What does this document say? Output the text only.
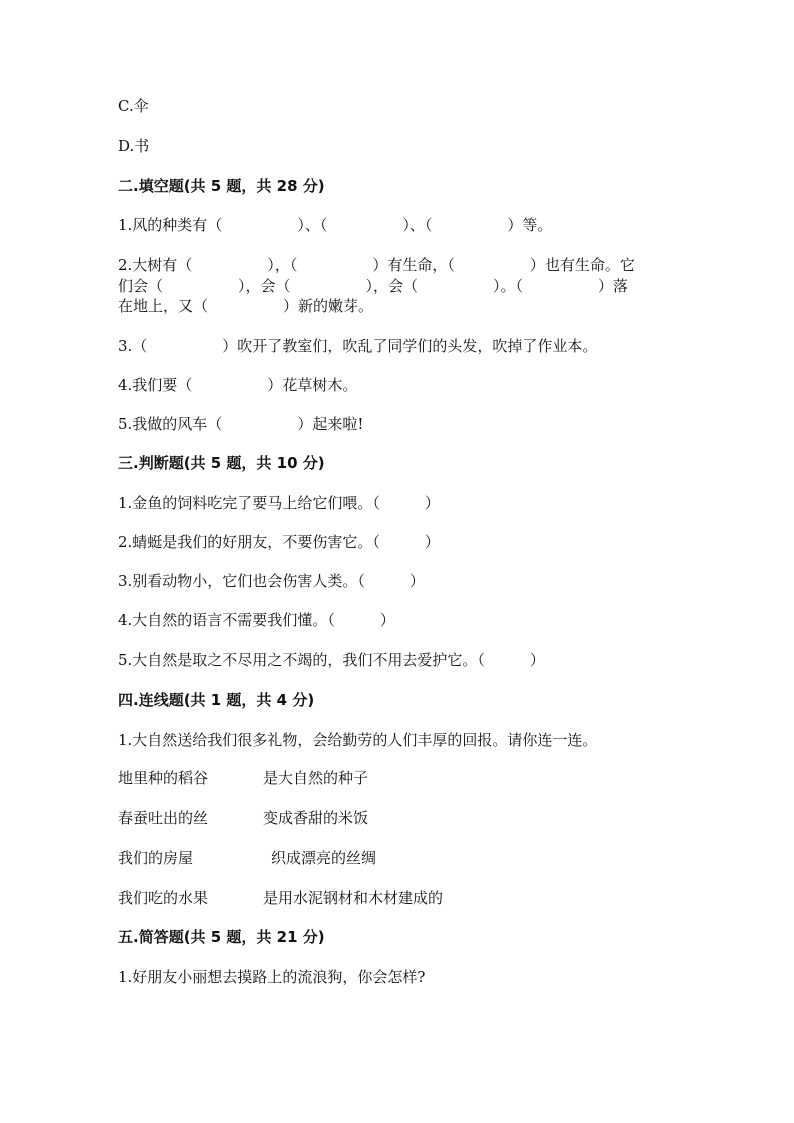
C.伞
D.书
二.填空题(共 5 题，共 28 分)
1.风的种类有（　　　　　）、（　　　　　）、（　　　　　）等。
2.大树有（　　　　　），（　　　　　）有生命，（　　　　　）也有生命。它
们会（　　　　　），会（　　　　　），会（　　　　　）。（　　　　　）落
在地上，又（　　　　　）新的嫩芽。
3.（　　　　　）吹开了教室们，吹乱了同学们的头发，吹掉了作业本。
4.我们要（　　　　　）花草树木。
5.我做的风车（　　　　　）起来啦!
三.判断题(共 5 题，共 10 分)
1.金鱼的饲料吃完了要马上给它们喂。（　　　）
2.蜻蜓是我们的好朋友，不要伤害它。（　　　）
3.别看动物小，它们也会伤害人类。（　　　）
4.大自然的语言不需要我们懂。（　　　）
5.大自然是取之不尽用之不竭的，我们不用去爱护它。（　　　）
四.连线题(共 1 题，共 4 分)
1.大自然送给我们很多礼物，会给勤劳的人们丰厚的回报。请你连一连。
地里种的稻谷	是大自然的种子
春蚕吐出的丝	变成香甜的米饭
我们的房屋	织成漂亮的丝绸
我们吃的水果	是用水泥钢材和木材建成的
五.简答题(共 5 题，共 21 分)
1.好朋友小丽想去摸路上的流浪狗，你会怎样?
